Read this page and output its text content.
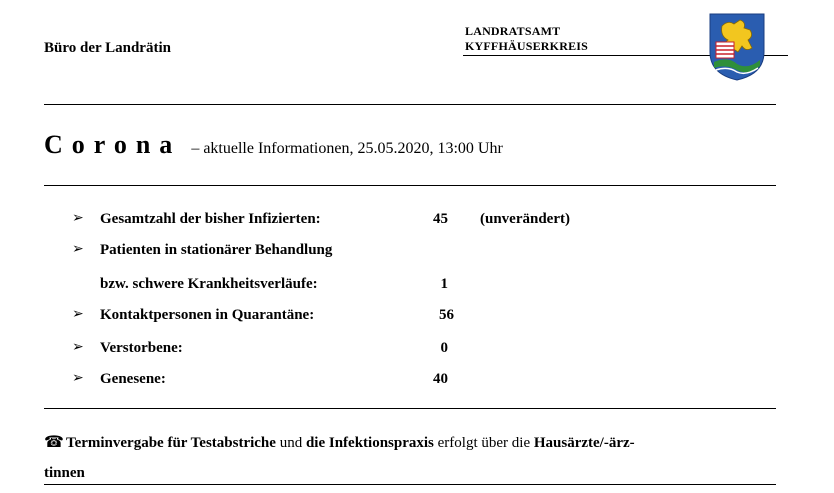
Büro der Landrätin
LANDRATSAMT
KYFFHÄUSERKREIS
Corona – aktuelle Informationen, 25.05.2020, 13:00 Uhr
➢ Gesamtzahl der bisher Infizierten:	45 (unverändert)
➢ Patienten in stationärer Behandlung
bzw. schwere Krankheitsverläufe:	1
➢ Kontaktpersonen in Quarantäne:	56
➢ Verstorbene:	0
➢ Genesene:	40
☎ Terminvergabe für Testabstriche und die Infektionspraxis erfolgt über die Hausärzte/-ärz-
tinnen
